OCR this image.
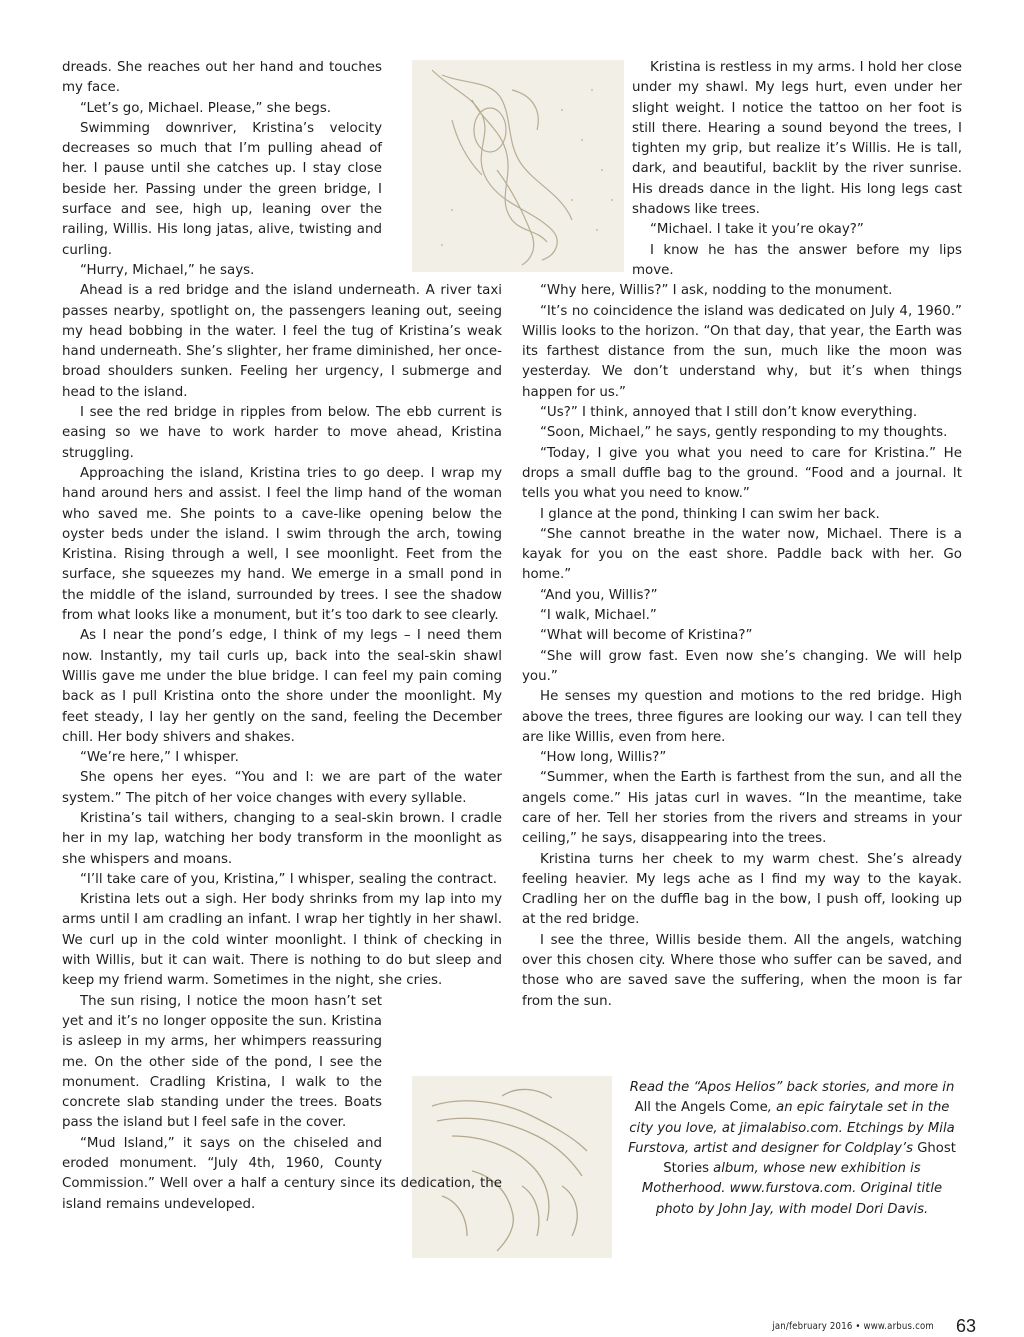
dreads. She reaches out her hand and touches my face.

“Let’s go, Michael. Please,” she begs.

Swimming downriver, Kristina’s velocity decreases so much that I’m pulling ahead of her. I pause until she catches up. I stay close beside her. Passing under the green bridge, I surface and see, high up, leaning over the railing, Willis. His long jatas, alive, twisting and curling.

“Hurry, Michael,” he says.

Ahead is a red bridge and the island underneath. A river taxi passes nearby, spotlight on, the passengers leaning out, seeing my head bobbing in the water. I feel the tug of Kristina’s weak hand underneath. She’s slighter, her frame diminished, her once-broad shoulders sunken. Feeling her urgency, I submerge and head to the island.

I see the red bridge in ripples from below. The ebb current is easing so we have to work harder to move ahead, Kristina struggling.

Approaching the island, Kristina tries to go deep. I wrap my hand around hers and assist. I feel the limp hand of the woman who saved me. She points to a cave-like opening below the oyster beds under the island. I swim through the arch, towing Kristina. Rising through a well, I see moonlight. Feet from the surface, she squeezes my hand. We emerge in a small pond in the middle of the island, surrounded by trees. I see the shadow from what looks like a monument, but it’s too dark to see clearly.

As I near the pond’s edge, I think of my legs – I need them now. Instantly, my tail curls up, back into the seal-skin shawl Willis gave me under the blue bridge. I can feel my pain coming back as I pull Kristina onto the shore under the moonlight. My feet steady, I lay her gently on the sand, feeling the December chill. Her body shivers and shakes.

“We’re here,” I whisper.

She opens her eyes. “You and I: we are part of the water system.” The pitch of her voice changes with every syllable.

Kristina’s tail withers, changing to a seal-skin brown. I cradle her in my lap, watching her body transform in the moonlight as she whispers and moans.

“I’ll take care of you, Kristina,” I whisper, sealing the contract.

Kristina lets out a sigh. Her body shrinks from my lap into my arms until I am cradling an infant. I wrap her tightly in her shawl. We curl up in the cold winter moonlight. I think of checking in with Willis, but it can wait. There is nothing to do but sleep and keep my friend warm. Sometimes in the night, she cries.

The sun rising, I notice the moon hasn’t set yet and it’s no longer opposite the sun. Kristina is asleep in my arms, her whimpers reassuring me. On the other side of the pond, I see the monument. Cradling Kristina, I walk to the concrete slab standing under the trees. Boats pass the island but I feel safe in the cover.

“Mud Island,” it says on the chiseled and eroded monument. “July 4th, 1960, County Commission.” Well over a half a century since its dedication, the island remains undeveloped.

Kristina is restless in my arms. I hold her close under my shawl. My legs hurt, even under her slight weight. I notice the tattoo on her foot is still there. Hearing a sound beyond the trees, I tighten my grip, but realize it’s Willis. He is tall, dark, and beautiful, backlit by the river sunrise. His dreads dance in the light. His long legs cast shadows like trees.

“Michael. I take it you’re okay?”

I know he has the answer before my lips move.

“Why here, Willis?” I ask, nodding to the monument.

“It’s no coincidence the island was dedicated on July 4, 1960.” Willis looks to the horizon. “On that day, that year, the Earth was its farthest distance from the sun, much like the moon was yesterday. We don’t understand why, but it’s when things happen for us.”

“Us?” I think, annoyed that I still don’t know everything.

“Soon, Michael,” he says, gently responding to my thoughts.

“Today, I give you what you need to care for Kristina.” He drops a small duffle bag to the ground. “Food and a journal. It tells you what you need to know.”

I glance at the pond, thinking I can swim her back.

“She cannot breathe in the water now, Michael. There is a kayak for you on the east shore. Paddle back with her. Go home.”

“And you, Willis?”

“I walk, Michael.”

“What will become of Kristina?”

“She will grow fast. Even now she’s changing. We will help you.”

He senses my question and motions to the red bridge. High above the trees, three figures are looking our way. I can tell they are like Willis, even from here.

“How long, Willis?”

“Summer, when the Earth is farthest from the sun, and all the angels come.” His jatas curl in waves. “In the meantime, take care of her. Tell her stories from the rivers and streams in your ceiling,” he says, disappearing into the trees.

Kristina turns her cheek to my warm chest. She’s already feeling heavier. My legs ache as I find my way to the kayak. Cradling her on the duffle bag in the bow, I push off, looking up at the red bridge.

I see the three, Willis beside them. All the angels, watching over this chosen city. Where those who suffer can be saved, and those who are saved save the suffering, when the moon is far from the sun.

Read the “Apos Helios” back stories, and more in All the Angels Come, an epic fairytale set in the city you love, at jimalabiso.com. Etchings by Mila Furstova, artist and designer for Coldplay’s Ghost Stories album, whose new exhibition is Motherhood. www.furstova.com. Original title photo by John Jay, with model Dori Davis.
jan/february 2016 • www.arbus.com 63
